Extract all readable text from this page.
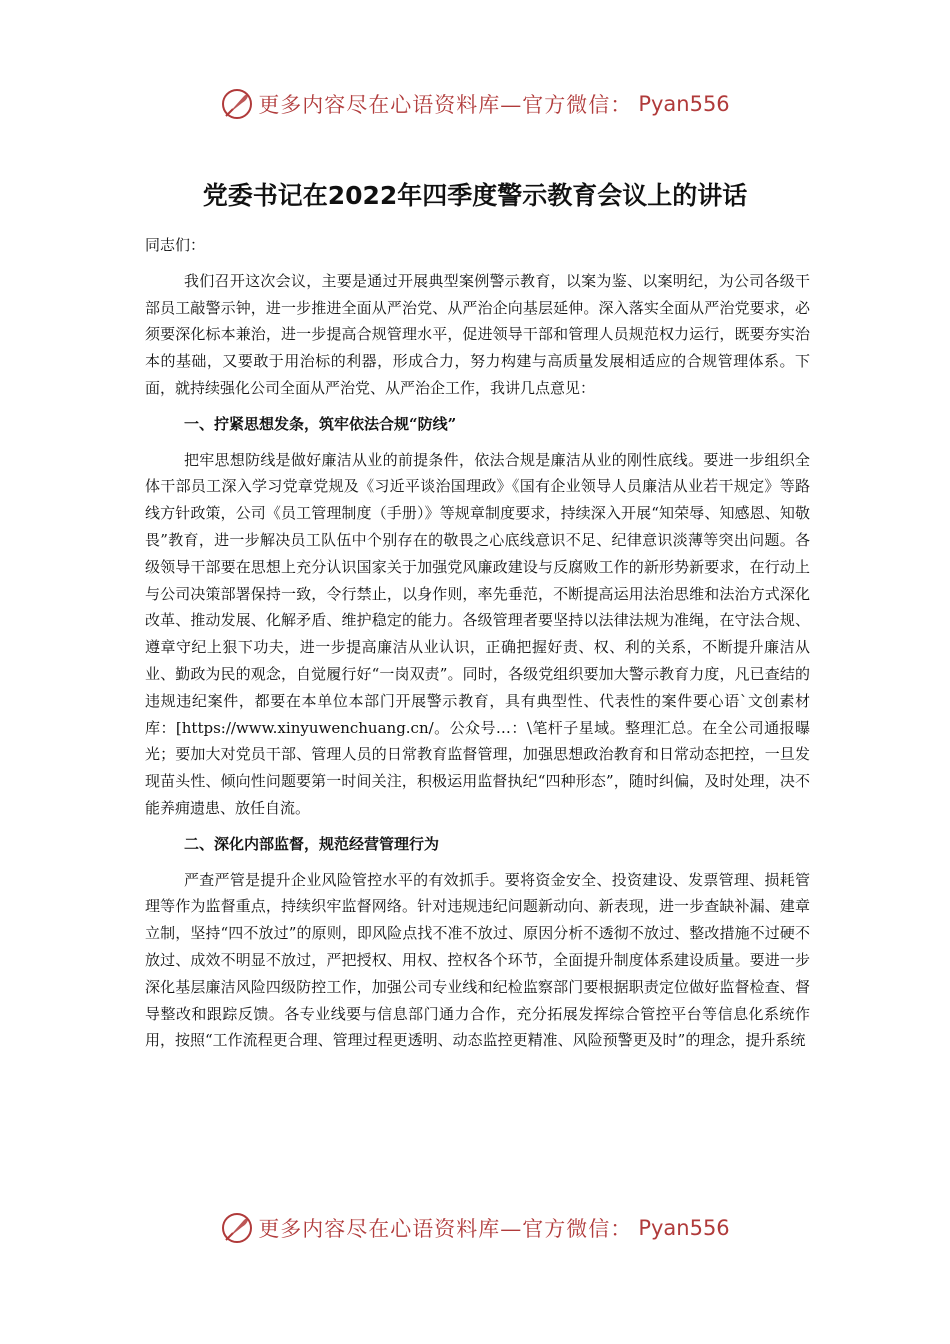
更多内容尽在心语资料库—官方微信： Pyan556
党委书记在2022年四季度警示教育会议上的讲话

同志们：

我们召开这次会议，主要是通过开展典型案例警示教育，以案为鉴、以案明纪，为公司各级干部员工敲警示钟，进一步推进全面从严治党、从严治企向基层延伸。深入落实全面从严治党要求，必须要深化标本兼治，进一步提高合规管理水平，促进领导干部和管理人员规范权力运行，既要夯实治本的基础，又要敢于用治标的利器，形成合力，努力构建与高质量发展相适应的合规管理体系。下面，就持续强化公司全面从严治党、从严治企工作，我讲几点意见：

一、拧紧思想发条，筑牢依法合规“防线”

把牢思想防线是做好廉洁从业的前提条件，依法合规是廉洁从业的刚性底线。要进一步组织全体干部员工深入学习党章党规及《习近平谈治国理政》《国有企业领导人员廉洁从业若干规定》等路线方针政策，公司《员工管理制度（手册）》等规章制度要求，持续深入开展“知荣辱、知感恩、知敬畏”教育，进一步解决员工队伍中个别存在的敬畏之心底线意识不足、纪律意识淡薄等突出问题。各级领导干部要在思想上充分认识国家关于加强党风廉政建设与反腐败工作的新形势新要求，在行动上与公司决策部署保持一致，令行禁止，以身作则，率先垂范，不断提高运用法治思维和法治方式深化改革、推动发展、化解矛盾、维护稳定的能力。各级管理者要坚持以法律法规为准绳，在守法合规、遵章守纪上狠下功夫，进一步提高廉洁从业认识，正确把握好责、权、利的关系，不断提升廉洁从业、勤政为民的观念，自觉履行好“一岗双责”。同时，各级党组织要加大警示教育力度，凡已查结的违规违纪案件，都要在本单位本部门开展警示教育，具有典型性、代表性的案件要心语`文创素材库：[https://www.xinyuwenchuang.cn/。公众号…：\笔杆子星域。整理汇总。在全公司通报曝光；要加大对党员干部、管理人员的日常教育监督管理，加强思想政治教育和日常动态把控，一旦发现苗头性、倾向性问题要第一时间关注，积极运用监督执纪“四种形态”，随时纠偏，及时处理，决不能养痈遗患、放任自流。

二、深化内部监督，规范经营管理行为

严查严管是提升企业风险管控水平的有效抓手。要将资金安全、投资建设、发票管理、损耗管理等作为监督重点，持续织牢监督网络。针对违规违纪问题新动向、新表现，进一步查缺补漏、建章立制，坚持“四不放过”的原则，即风险点找不准不放过、原因分析不透彻不放过、整改措施不过硬不放过、成效不明显不放过，严把授权、用权、控权各个环节，全面提升制度体系建设质量。要进一步深化基层廉洁风险四级防控工作，加强公司专业线和纪检监察部门要根据职责定位做好监督检查、督导整改和跟踪反馈。各专业线要与信息部门通力合作，充分拓展发挥综合管控平台等信息化系统作用，按照“工作流程更合理、管理过程更透明、动态监控更精准、风险预警更及时”的理念，提升系统

更多内容尽在心语资料库—官方微信： Pyan556
